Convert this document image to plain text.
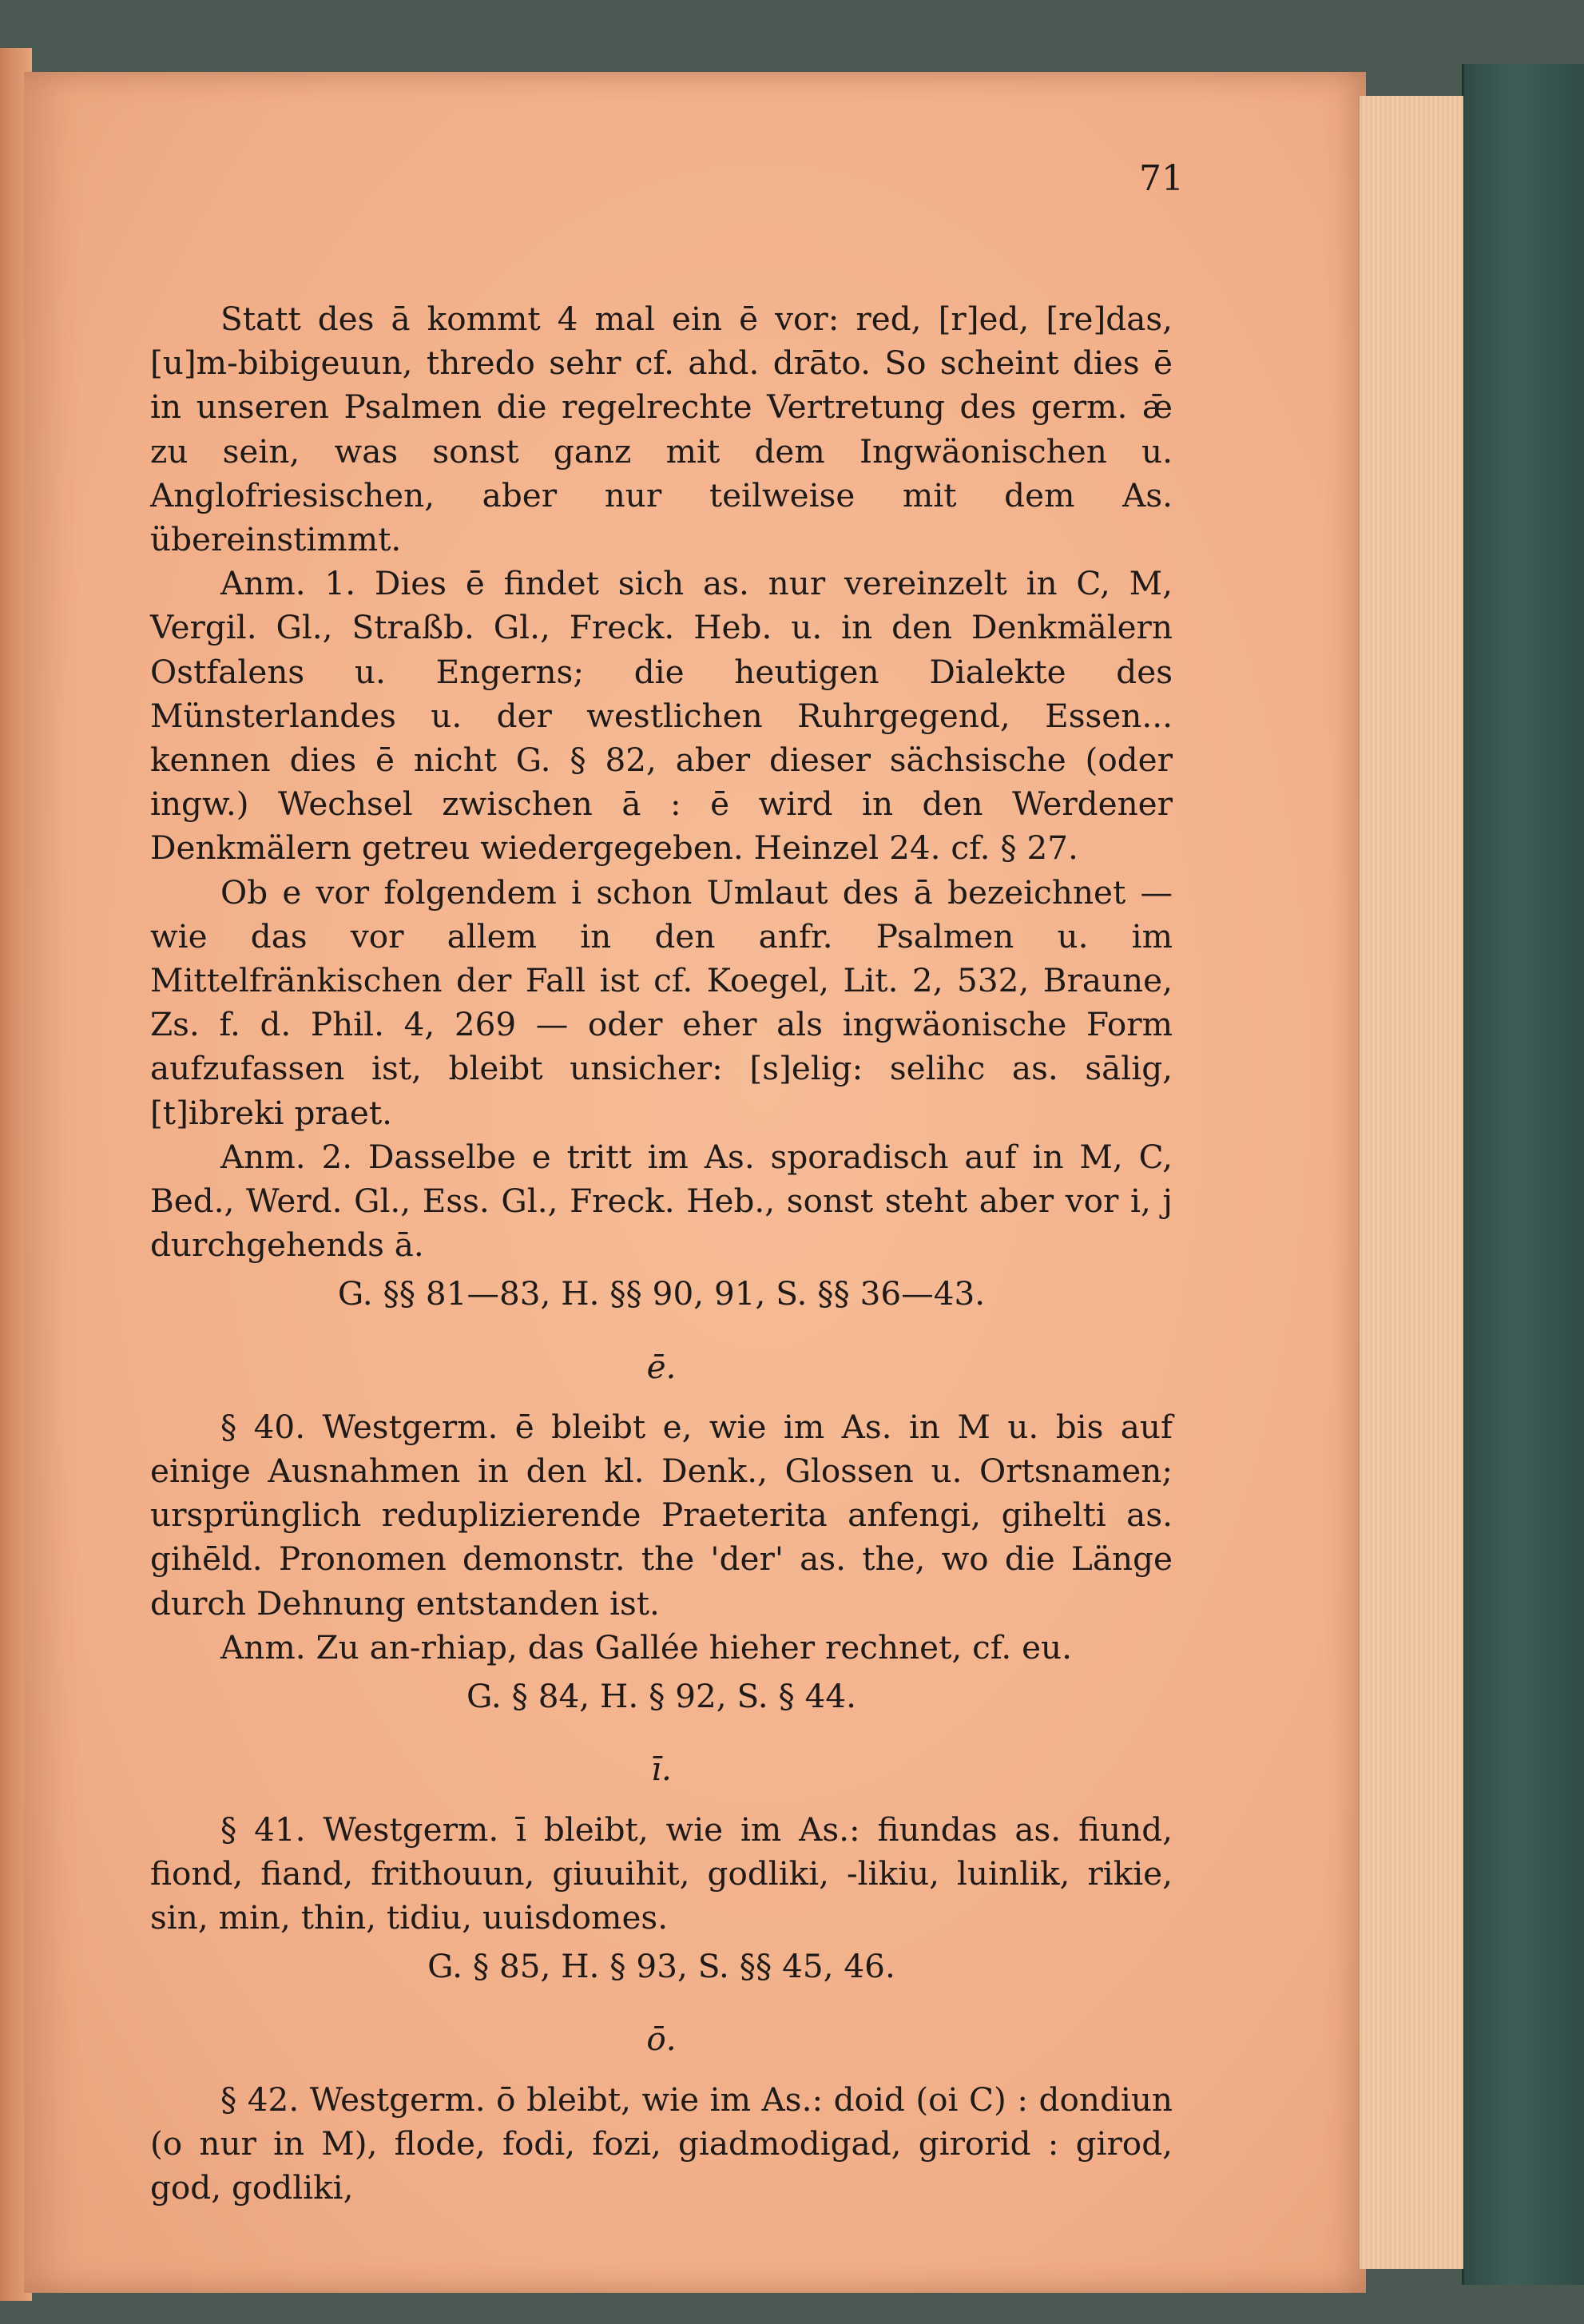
71

Statt des ā kommt 4 mal ein ē vor: red, [r]ed, [re]das, [u]m-bibigeuun, thredo sehr cf. ahd. drāto. So scheint dies ē in unseren Psalmen die regelrechte Vertretung des germ. ǣ zu sein, was sonst ganz mit dem Ingwäonischen u. Anglofriesischen, aber nur teilweise mit dem As. übereinstimmt.

Anm. 1. Dies ē findet sich as. nur vereinzelt in C, M, Vergil. Gl., Straßb. Gl., Freck. Heb. u. in den Denkmälern Ostfalens u. Engerns; die heutigen Dialekte des Münsterlandes u. der westlichen Ruhrgegend, Essen... kennen dies ē nicht G. § 82, aber dieser sächsische (oder ingw.) Wechsel zwischen ā : ē wird in den Werdener Denkmälern getreu wiedergegeben. Heinzel 24. cf. § 27.

Ob e vor folgendem i schon Umlaut des ā bezeichnet — wie das vor allem in den anfr. Psalmen u. im Mittelfränkischen der Fall ist cf. Koegel, Lit. 2, 532, Braune, Zs. f. d. Phil. 4, 269 — oder eher als ingwäonische Form aufzufassen ist, bleibt unsicher: [s]elig: selihc as. sālig, [t]ibreki praet.

Anm. 2. Dasselbe e tritt im As. sporadisch auf in M, C, Bed., Werd. Gl., Ess. Gl., Freck. Heb., sonst steht aber vor i, j durchgehends ā.

G. §§ 81—83, H. §§ 90, 91, S. §§ 36—43.

ē.

§ 40. Westgerm. ē bleibt e, wie im As. in M u. bis auf einige Ausnahmen in den kl. Denk., Glossen u. Ortsnamen; ursprünglich reduplizierende Praeterita anfengi, gihelti as. gihēld. Pronomen demonstr. the 'der' as. the, wo die Länge durch Dehnung entstanden ist.

Anm. Zu an-rhiap, das Gallée hieher rechnet, cf. eu.

G. § 84, H. § 92, S. § 44.

ī.

§ 41. Westgerm. ī bleibt, wie im As.: fiundas as. fiund, fiond, fiand, frithouun, giuuihit, godliki, -likiu, luinlik, rikie, sin, min, thin, tidiu, uuisdomes.

G. § 85, H. § 93, S. §§ 45, 46.

ō.

§ 42. Westgerm. ō bleibt, wie im As.: doid (oi C) : dondiun (o nur in M), flode, fodi, fozi, giadmodigad, girorid : girod, god, godliki,
